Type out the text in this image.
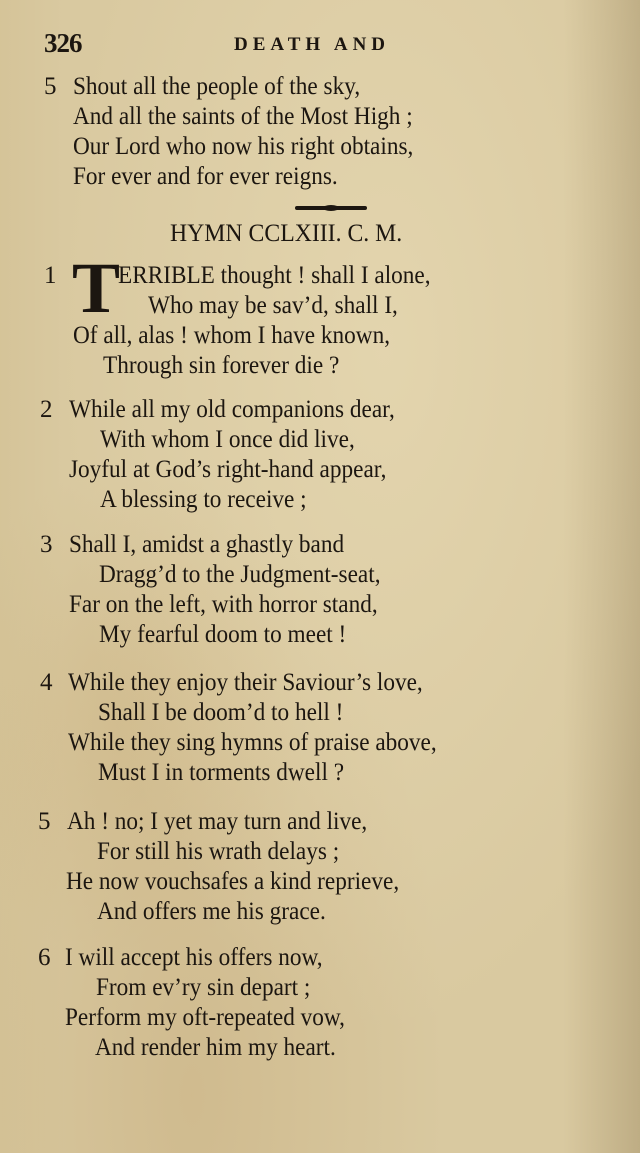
326	DEATH AND
5 Shout all the people of the sky,
And all the saints of the Most High ;
Our Lord who now his right obtains,
For ever and for ever reigns.
HYMN CCLXIII. C. M.
1 T
ERRIBLE thought ! shall I alone,
Who may be sav’d, shall I,
Of all, alas ! whom I have known,
Through sin forever die ?
2 While all my old companions dear,
With whom I once did live,
Joyful at God’s right-hand appear,
A blessing to receive ;
3 Shall I, amidst a ghastly band
Dragg’d to the Judgment-seat,
Far on the left, with horror stand,
My fearful doom to meet !
4 While they enjoy their Saviour’s love,
Shall I be doom’d to hell !
While they sing hymns of praise above,
Must I in torments dwell ?
5 Ah ! no; I yet may turn and live,
For still his wrath delays ;
He now vouchsafes a kind reprieve,
And offers me his grace.
6 I will accept his offers now,
From ev’ry sin depart ;
Perform my oft-repeated vow,
And render him my heart.
